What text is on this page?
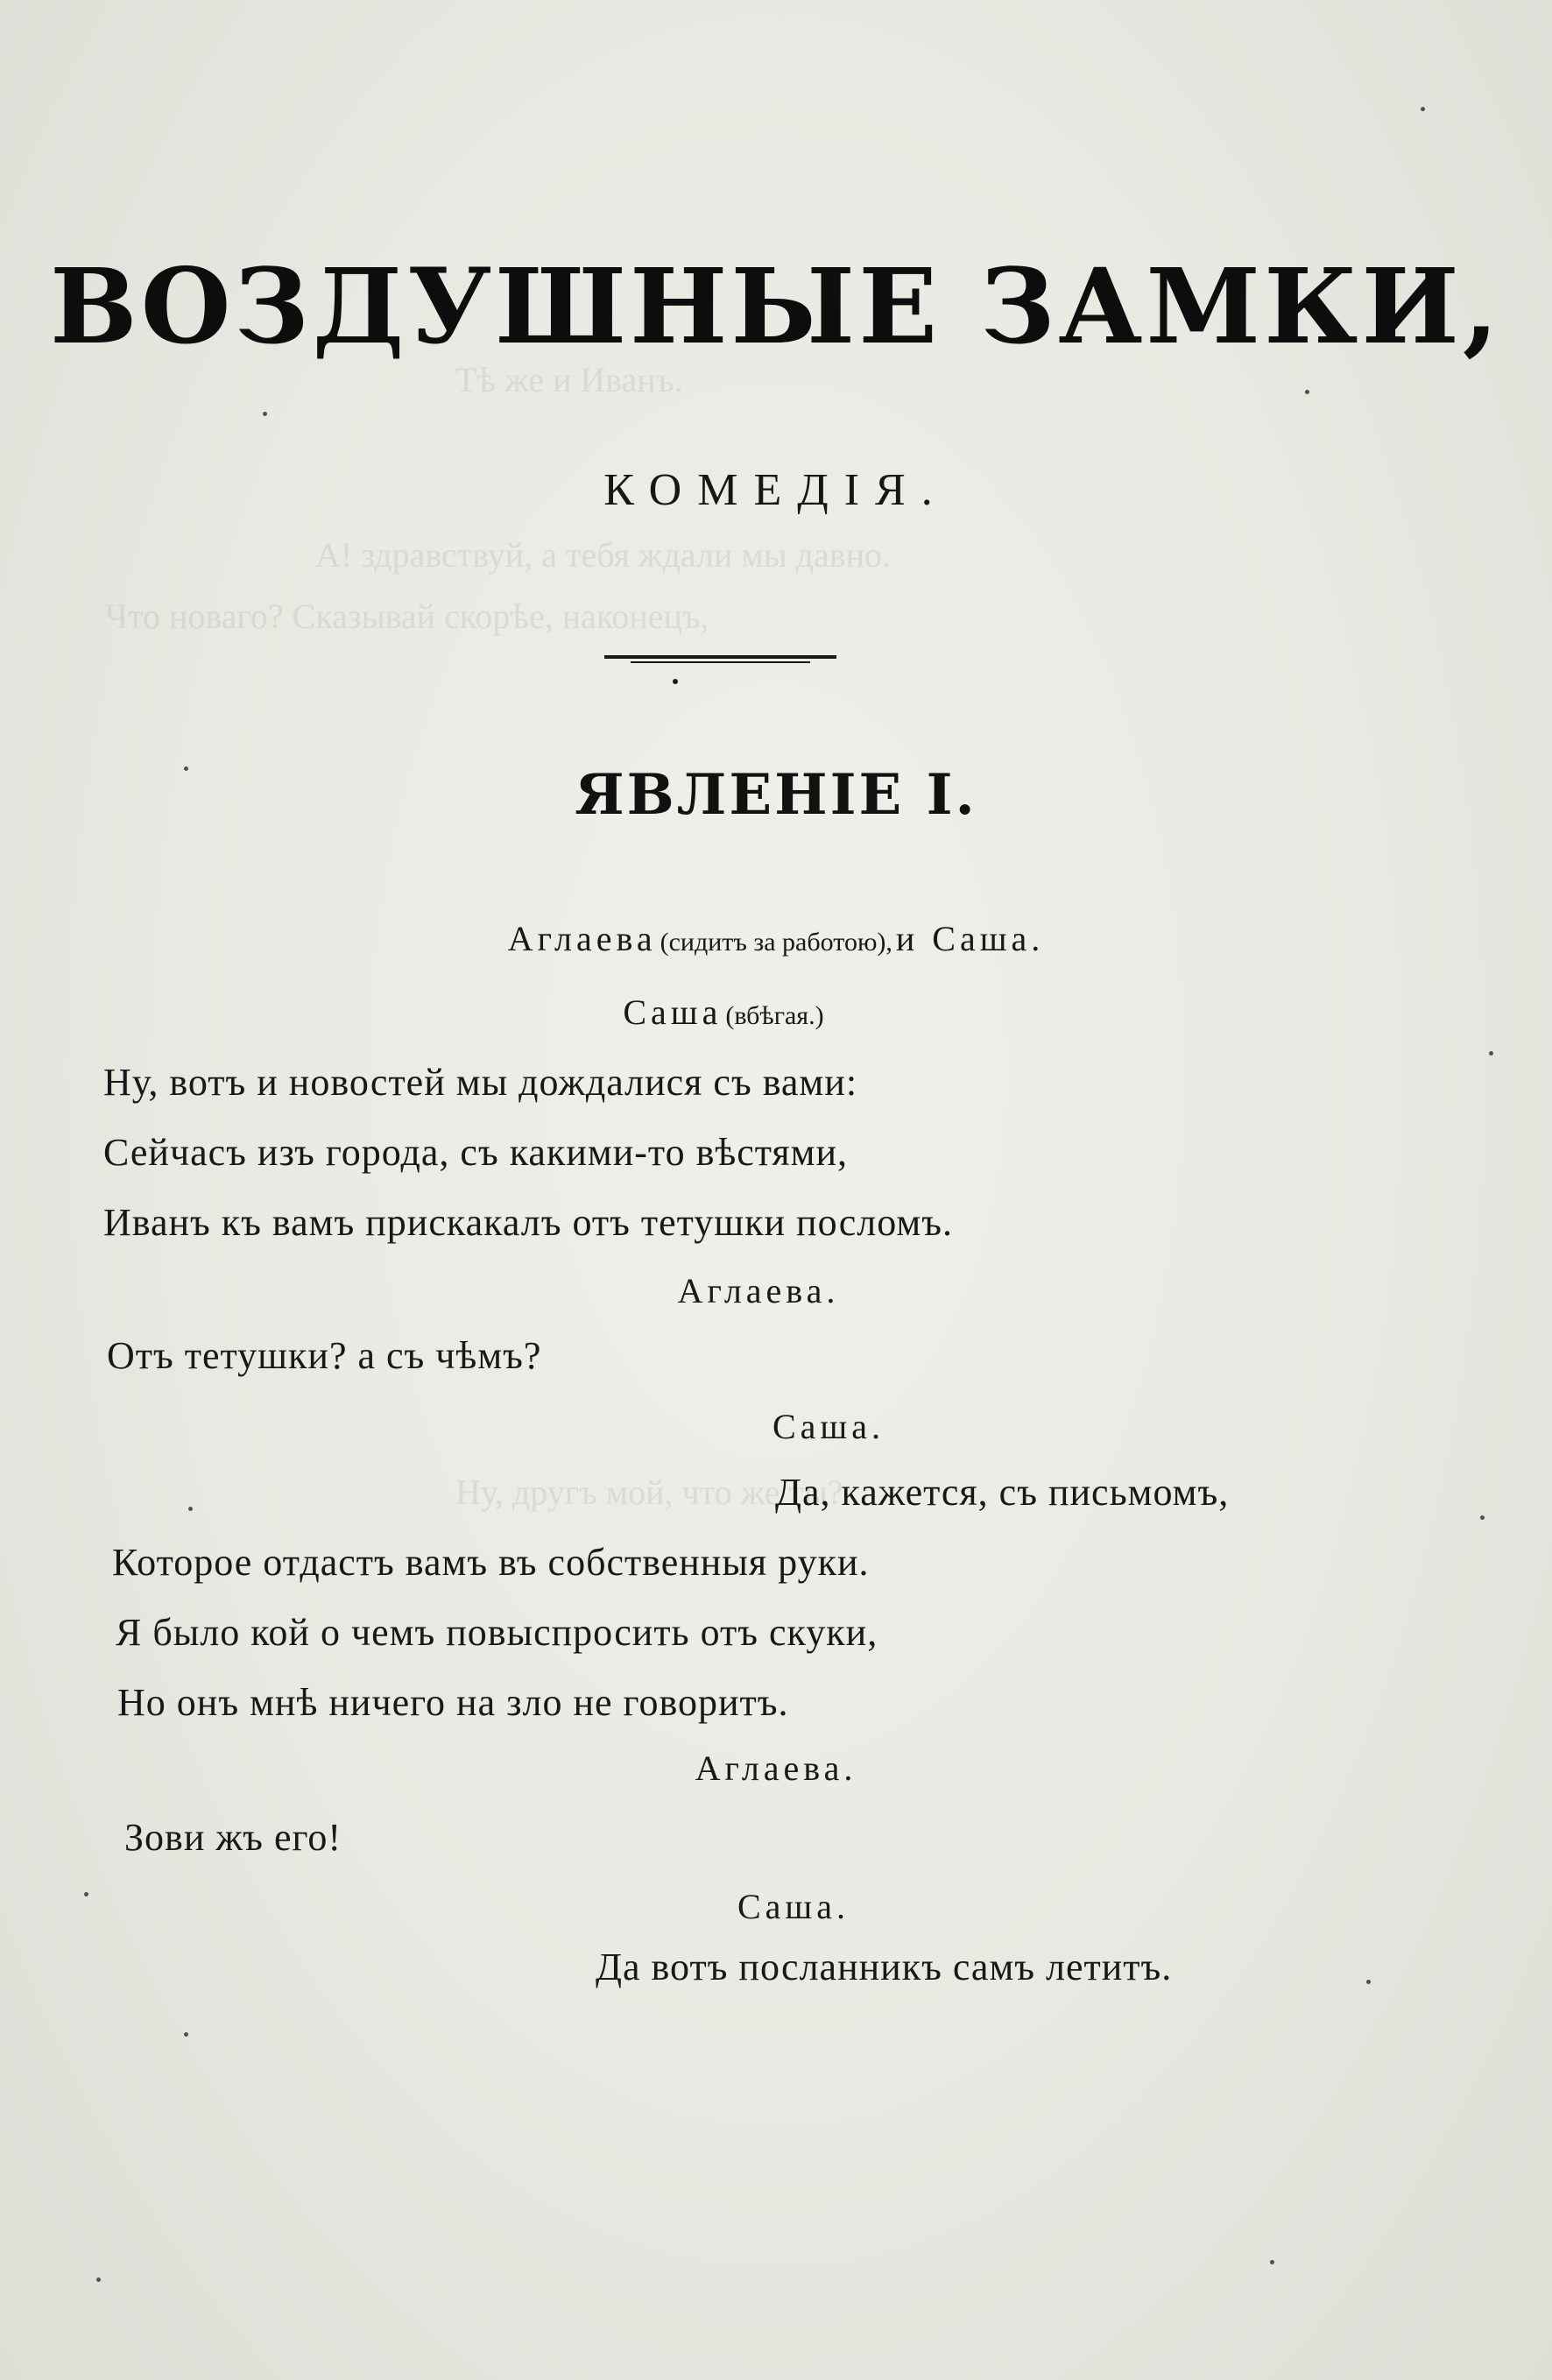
Тѣ же и Иванъ.
А! здравствуй, а тебя ждали мы давно.
Что новаго? Сказывай скорѣе, наконецъ,
Ну, другъ мой, что же ты?
ВОЗДУШНЫЕ ЗАМКИ,
КОМЕДІЯ.
ЯВЛЕНІЕ І.
Аглаева (сидитъ за работою), и Саша.
Саша (вбѣгая.)
Ну, вотъ и новостей мы дождалися съ вами:
Сейчасъ изъ города, съ какими-то вѣстями,
Иванъ къ вамъ прискакалъ отъ тетушки посломъ.
Аглаева.
Отъ тетушки? а съ чѣмъ?
Саша.
Да, кажется, съ письмомъ,
Которое отдастъ вамъ въ собственныя руки.
Я было кой о чемъ повыспросить отъ скуки,
Но онъ мнѣ ничего на зло не говоритъ.
Аглаева.
Зови жъ его!
Саша.
Да вотъ посланникъ самъ летитъ.
